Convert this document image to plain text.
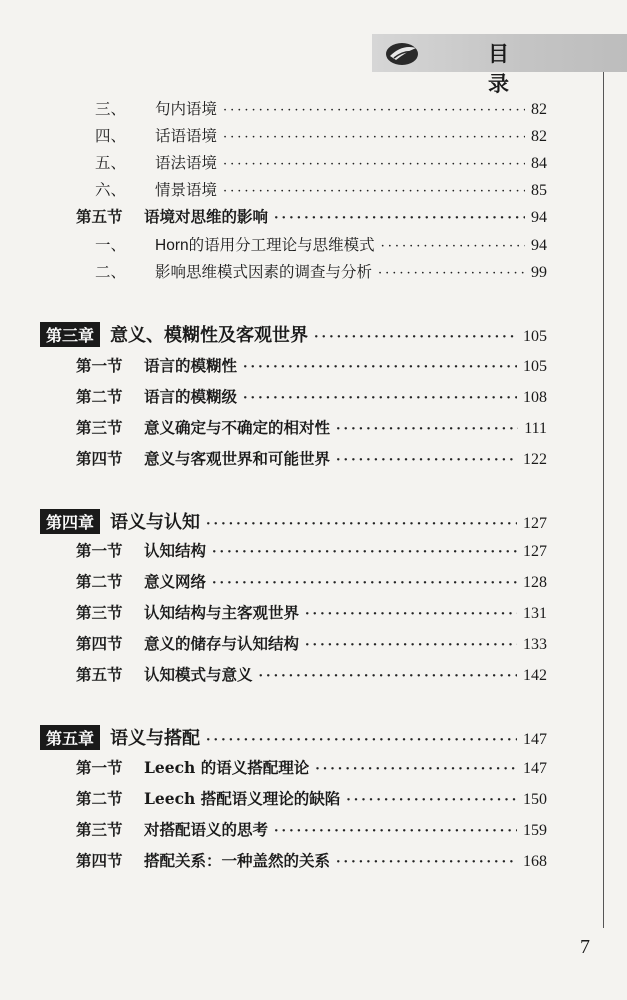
目 录
三、	句内语境 ·····	82
四、	话语语境 ·····	82
五、	语法语境 ·····	84
六、	情景语境 ·····	85
第五节	语境对思维的影响 ·····	94
一、	Horn的语用分工理论与思维模式 ·····	94
二、	影响思维模式因素的调查与分析 ·····	99
第三章 意义、模糊性及客观世界 ·····	105
第一节	语言的模糊性 ·····	105
第二节	语言的模糊级 ·····	108
第三节	意义确定与不确定的相对性 ·····	111
第四节	意义与客观世界和可能世界 ·····	122
第四章 语义与认知 ·····	127
第一节	认知结构 ·····	127
第二节	意义网络 ·····	128
第三节	认知结构与主客观世界 ·····	131
第四节	意义的储存与认知结构 ·····	133
第五节	认知模式与意义 ·····	142
第五章 语义与搭配 ·····	147
第一节	Leech 的语义搭配理论 ·····	147
第二节	Leech 搭配语义理论的缺陷 ·····	150
第三节	对搭配语义的思考 ·····	159
第四节	搭配关系：一种盖然的关系 ·····	168
7
